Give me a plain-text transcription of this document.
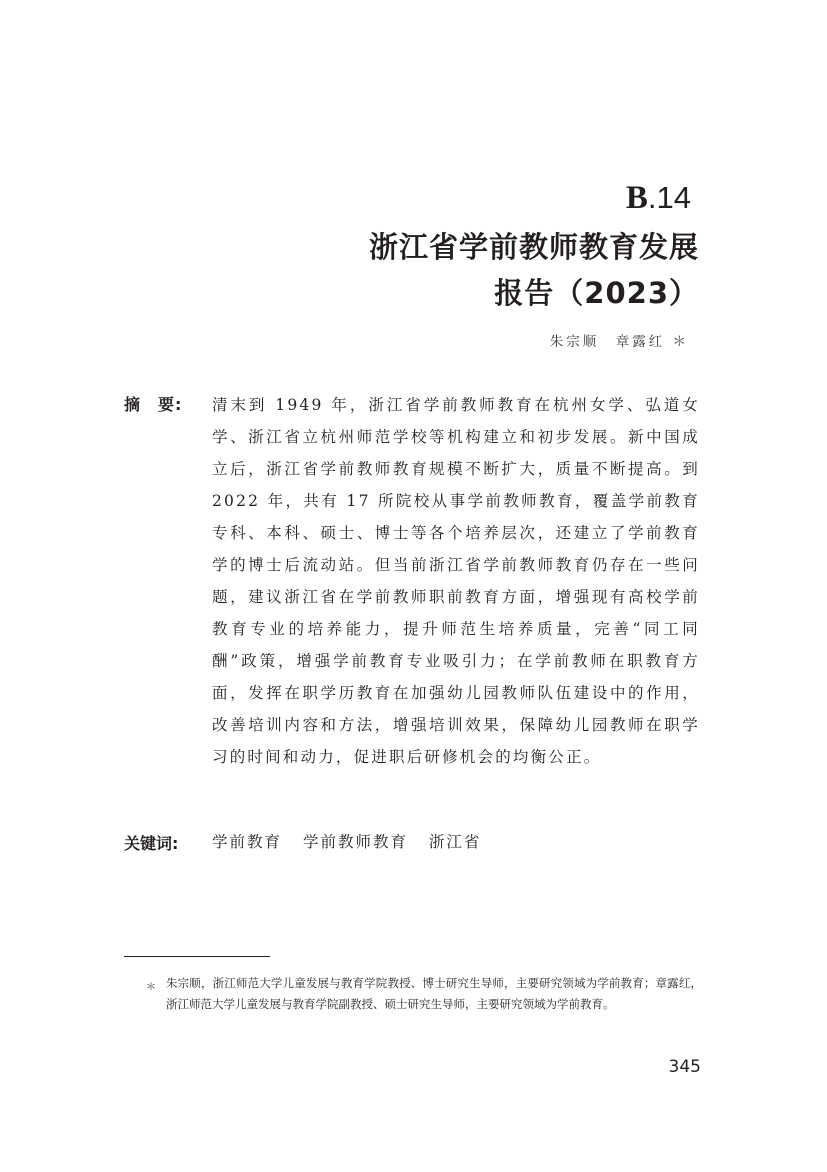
B.14
浙江省学前教师教育发展
报告（2023）
朱宗顺　章露红 ＊
摘　要: 清末到 1949 年，浙江省学前教师教育在杭州女学、弘道女学、浙江省立杭州师范学校等机构建立和初步发展。新中国成立后，浙江省学前教师教育规模不断扩大，质量不断提高。到 2022 年，共有 17 所院校从事学前教师教育，覆盖学前教育专科、本科、硕士、博士等各个培养层次，还建立了学前教育学的博士后流动站。但当前浙江省学前教师教育仍存在一些问题，建议浙江省在学前教师职前教育方面，增强现有高校学前教育专业的培养能力，提升师范生培养质量，完善“同工同酬”政策，增强学前教育专业吸引力；在学前教师在职教育方面，发挥在职学历教育在加强幼儿园教师队伍建设中的作用，改善培训内容和方法，增强培训效果，保障幼儿园教师在职学习的时间和动力，促进职后研修机会的均衡公正。
关键词: 学前教育 学前教师教育 浙江省
＊ 朱宗顺，浙江师范大学儿童发展与教育学院教授、博士研究生导师，主要研究领域为学前教育；章露红，浙江师范大学儿童发展与教育学院副教授、硕士研究生导师，主要研究领域为学前教育。
345
